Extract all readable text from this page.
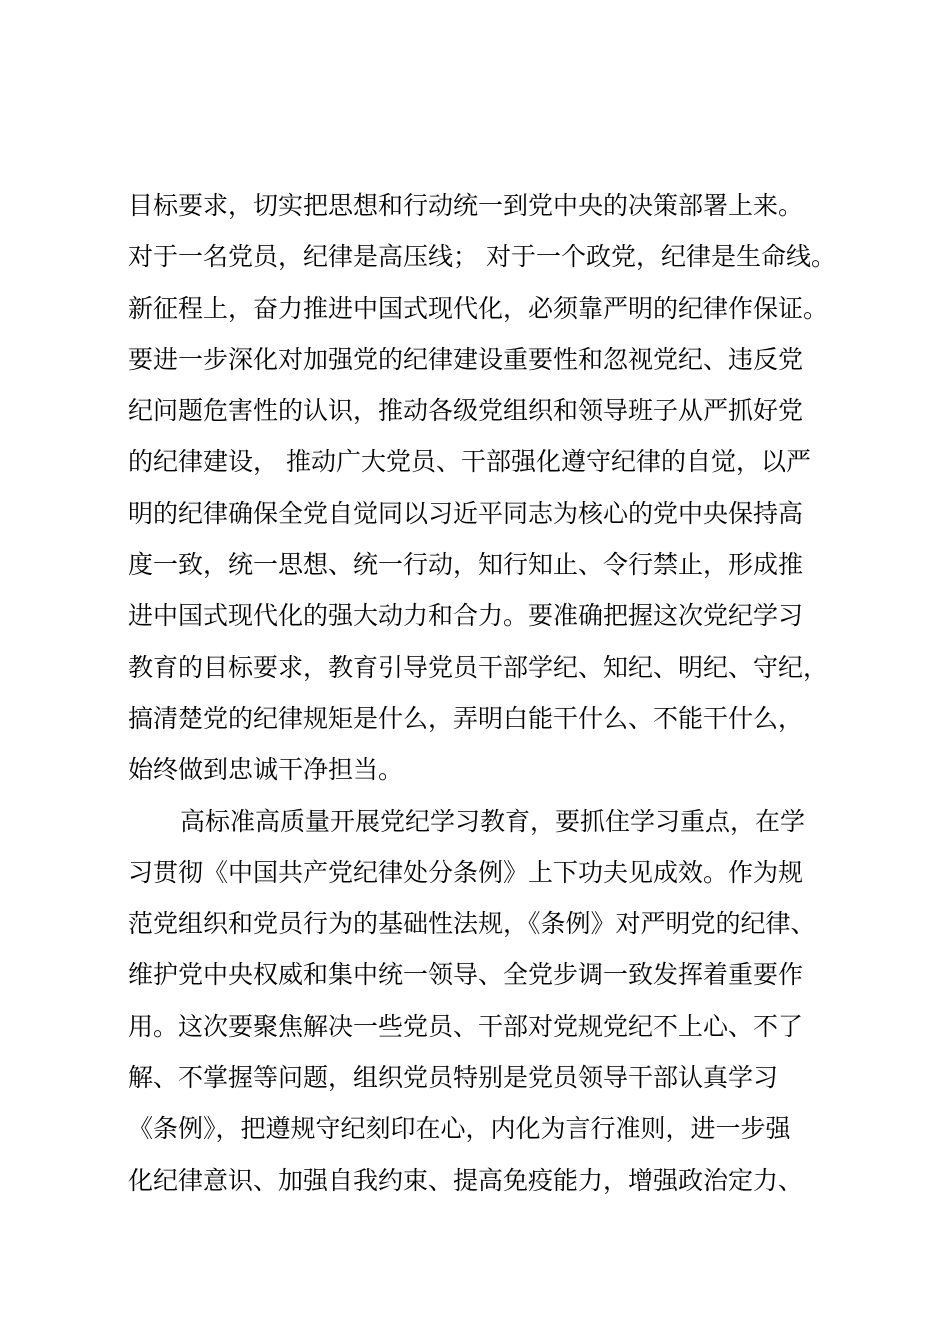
目标要求，切实把思想和行动统一到党中央的决策部署上来。
对于一名党员，纪律是高压线； 对于一个政党，纪律是生命线。
新征程上，奋力推进中国式现代化，必须靠严明的纪律作保证。
要进一步深化对加强党的纪律建设重要性和忽视党纪、违反党
纪问题危害性的认识，推动各级党组织和领导班子从严抓好党
的纪律建设， 推动广大党员、干部强化遵守纪律的自觉，以严
明的纪律确保全党自觉同以习近平同志为核心的党中央保持高
度一致，统一思想、统一行动，知行知止、令行禁止，形成推
进中国式现代化的强大动力和合力。要准确把握这次党纪学习
教育的目标要求，教育引导党员干部学纪、知纪、明纪、守纪，
搞清楚党的纪律规矩是什么，弄明白能干什么、不能干什么，
始终做到忠诚干净担当。
高标准高质量开展党纪学习教育，要抓住学习重点，在学
习贯彻《中国共产党纪律处分条例》上下功夫见成效。作为规
范党组织和党员行为的基础性法规，《条例》对严明党的纪律、
维护党中央权威和集中统一领导、全党步调一致发挥着重要作
用。这次要聚焦解决一些党员、干部对党规党纪不上心、不了
解、不掌握等问题，组织党员特别是党员领导干部认真学习
《条例》，把遵规守纪刻印在心，内化为言行准则，进一步强
化纪律意识、加强自我约束、提高免疫能力，增强政治定力、
